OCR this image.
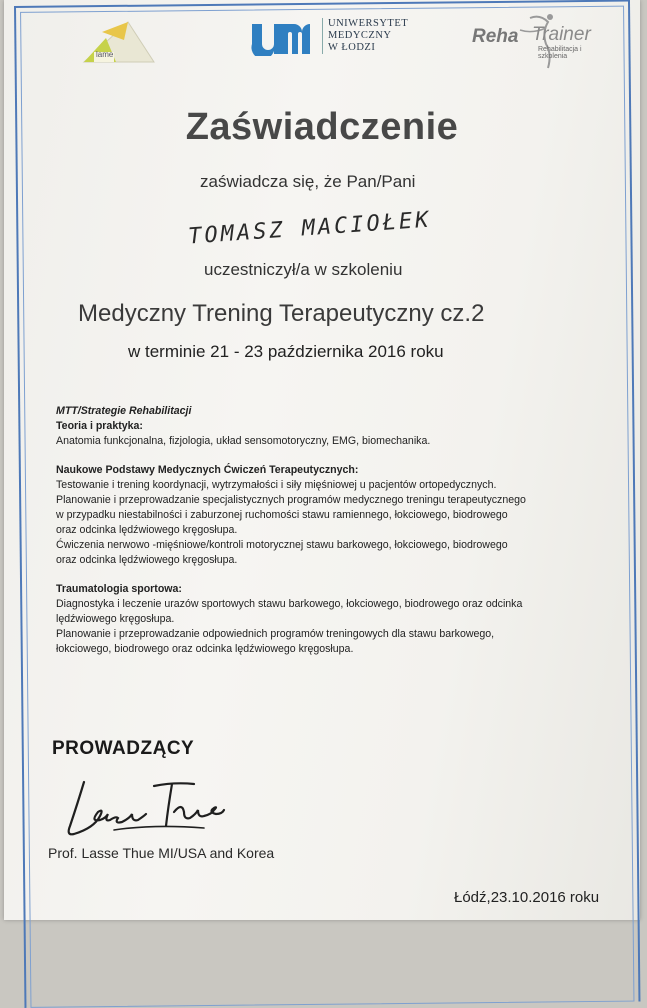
lame
UNIWERSYTET
MEDYCZNY
W ŁODZI
Reha Trainer
Rehabilitacja i szkolenia
Zaświadczenie
zaświadcza się, że Pan/Pani
TOMASZ MACIOŁEK
uczestniczył/a w szkoleniu
Medyczny Trening Terapeutyczny cz.2
w terminie 21 - 23 października 2016 roku
MTT/Strategie Rehabilitacji
Teoria i praktyka:
Anatomia funkcjonalna, fizjologia, układ sensomotoryczny, EMG, biomechanika.
Naukowe Podstawy Medycznych Ćwiczeń Terapeutycznych:
Testowanie i trening koordynacji, wytrzymałości i siły mięśniowej u pacjentów ortopedycznych.
Planowanie i przeprowadzanie specjalistycznych programów medycznego treningu terapeutycznego
w przypadku niestabilności i zaburzonej ruchomości stawu ramiennego, łokciowego, biodrowego
oraz odcinka lędźwiowego kręgosłupa.
Ćwiczenia nerwowo -mięśniowe/kontroli motorycznej stawu barkowego, łokciowego, biodrowego
oraz odcinka lędźwiowego kręgosłupa.
Traumatologia sportowa:
Diagnostyka i leczenie urazów sportowych stawu barkowego, łokciowego, biodrowego oraz odcinka
lędźwiowego kręgosłupa.
Planowanie i przeprowadzanie odpowiednich programów treningowych dla stawu barkowego,
łokciowego, biodrowego oraz odcinka lędźwiowego kręgosłupa.
PROWADZĄCY
Prof. Lasse Thue MI/USA and Korea
Łódź,23.10.2016 roku
